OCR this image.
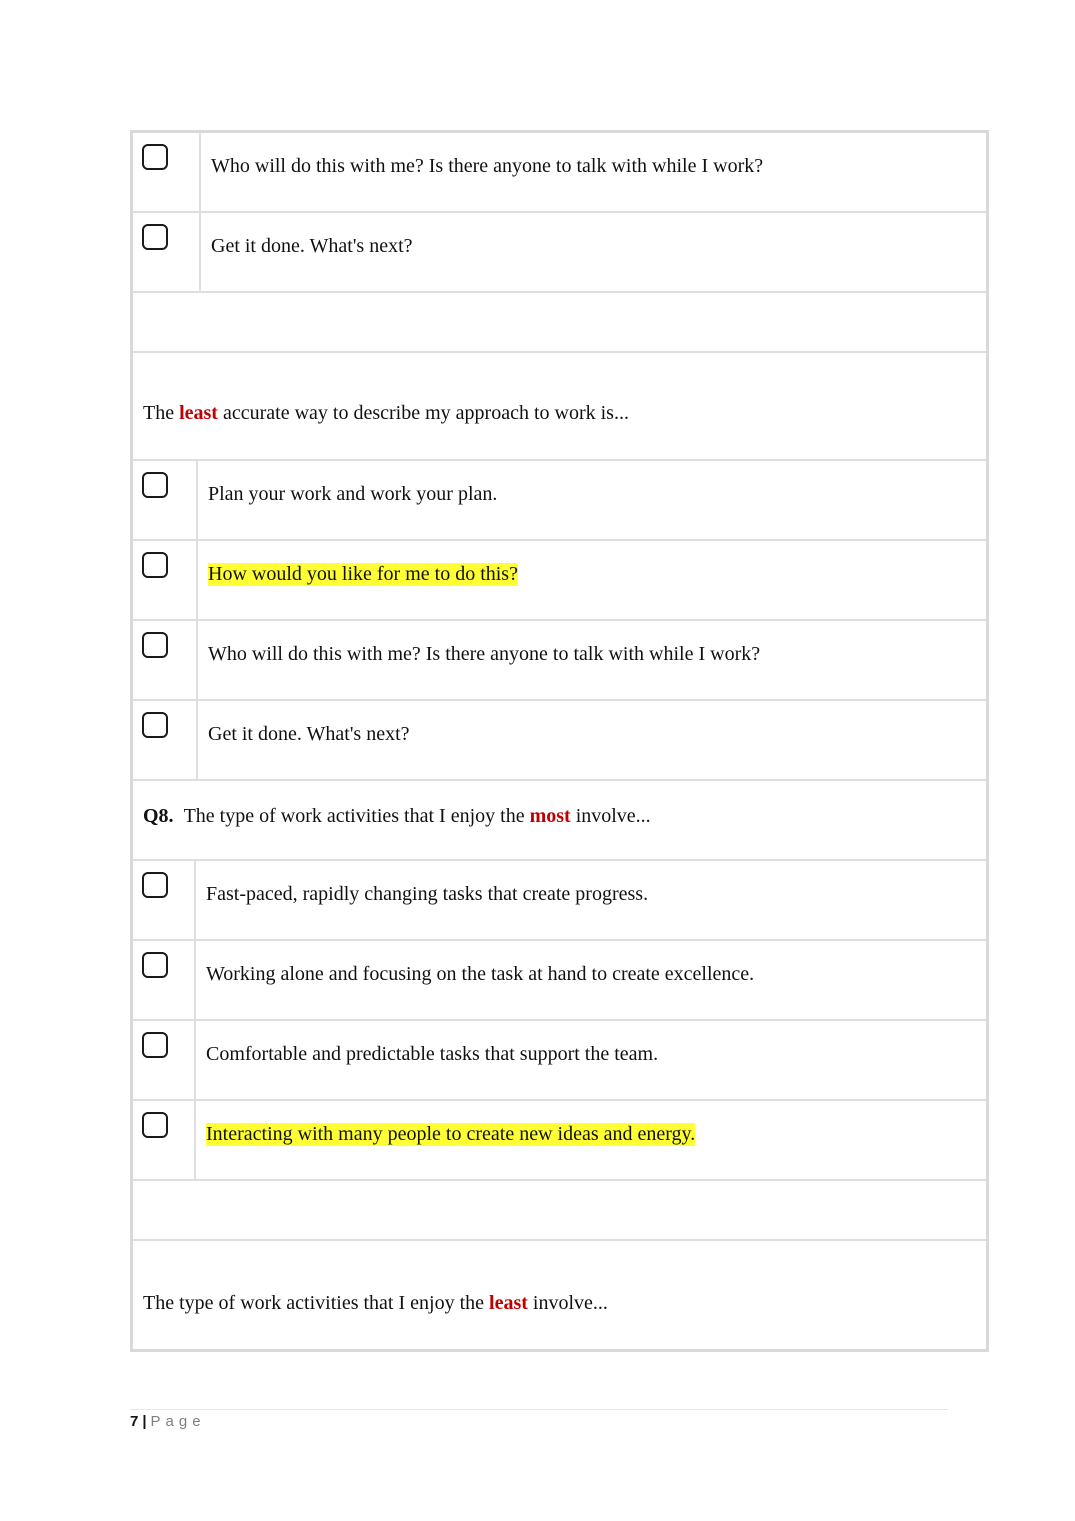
Who will do this with me? Is there anyone to talk with while I work?
Get it done. What's next?
The least accurate way to describe my approach to work is...
Plan your work and work your plan.
How would you like for me to do this?
Who will do this with me? Is there anyone to talk with while I work?
Get it done. What's next?
Q8. The type of work activities that I enjoy the most involve...
Fast-paced, rapidly changing tasks that create progress.
Working alone and focusing on the task at hand to create excellence.
Comfortable and predictable tasks that support the team.
Interacting with many people to create new ideas and energy.
The type of work activities that I enjoy the least involve...
7 | Page
